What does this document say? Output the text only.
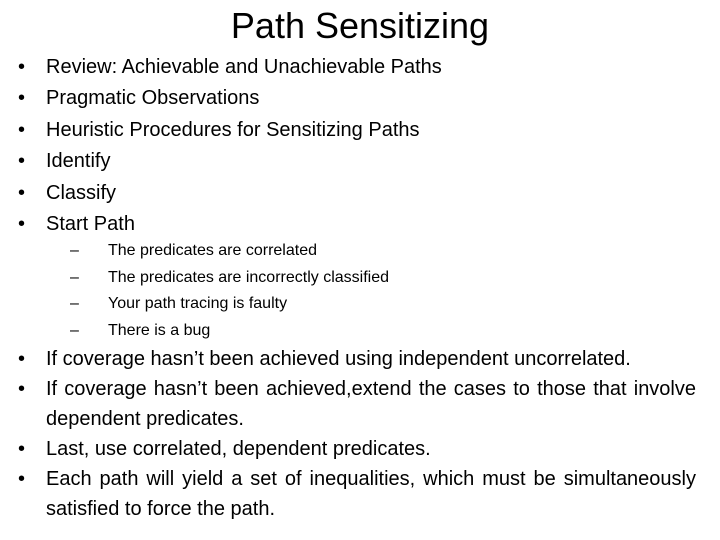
Path Sensitizing
•	Review: Achievable and Unachievable Paths
•	Pragmatic Observations
•	Heuristic Procedures for Sensitizing Paths
•	Identify
•	Classify
•	Start Path
–	The predicates are correlated
–	The predicates are incorrectly classified
–	Your path tracing is faulty
–	There is a bug
•	If coverage hasn’t been achieved using independent uncorrelated.
•	If coverage hasn’t been achieved,extend the cases to those that involve dependent predicates.
•	Last, use correlated, dependent predicates.
•	Each path will yield a set of inequalities, which must be simultaneously satisfied to force the path.
